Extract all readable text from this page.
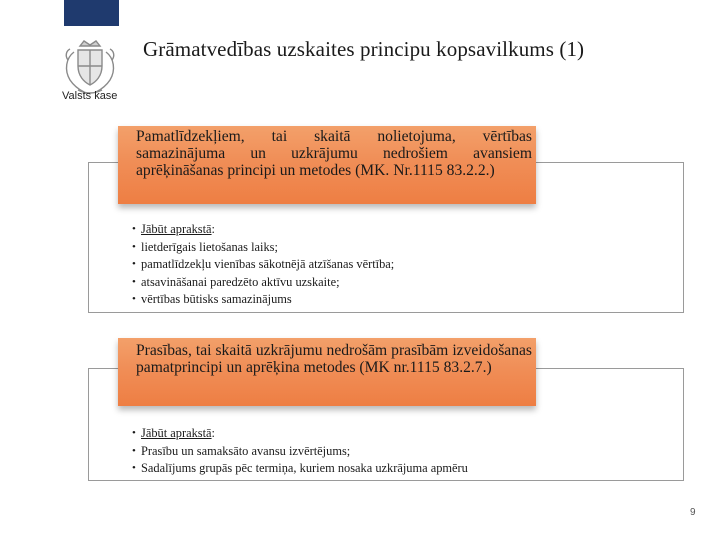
Valsts kase
Grāmatvedības uzskaites principu kopsavilkums (1)
Pamatlīdzekļiem, tai skaitā nolietojuma, vērtības samazinājuma un uzkrājumu nedrošiem avansiem aprēķināšanas principi un metodes (MK. Nr.1115 83.2.2.)
• Jābūt aprakstā:
• lietderīgais lietošanas laiks;
• pamatlīdzekļu vienības sākotnējā atzīšanas vērtība;
• atsavināšanai paredzēto aktīvu uzskaite;
• vērtības būtisks samazinājums
Prasības, tai skaitā uzkrājumu nedrošām prasībām izveidošanas pamatprincipi un aprēķina metodes (MK nr.1115 83.2.7.)
• Jābūt aprakstā:
• Prasību un samaksāto avansu izvērtējums;
• Sadalījums grupās pēc termiņa, kuriem nosaka uzkrājuma apmēru
9
